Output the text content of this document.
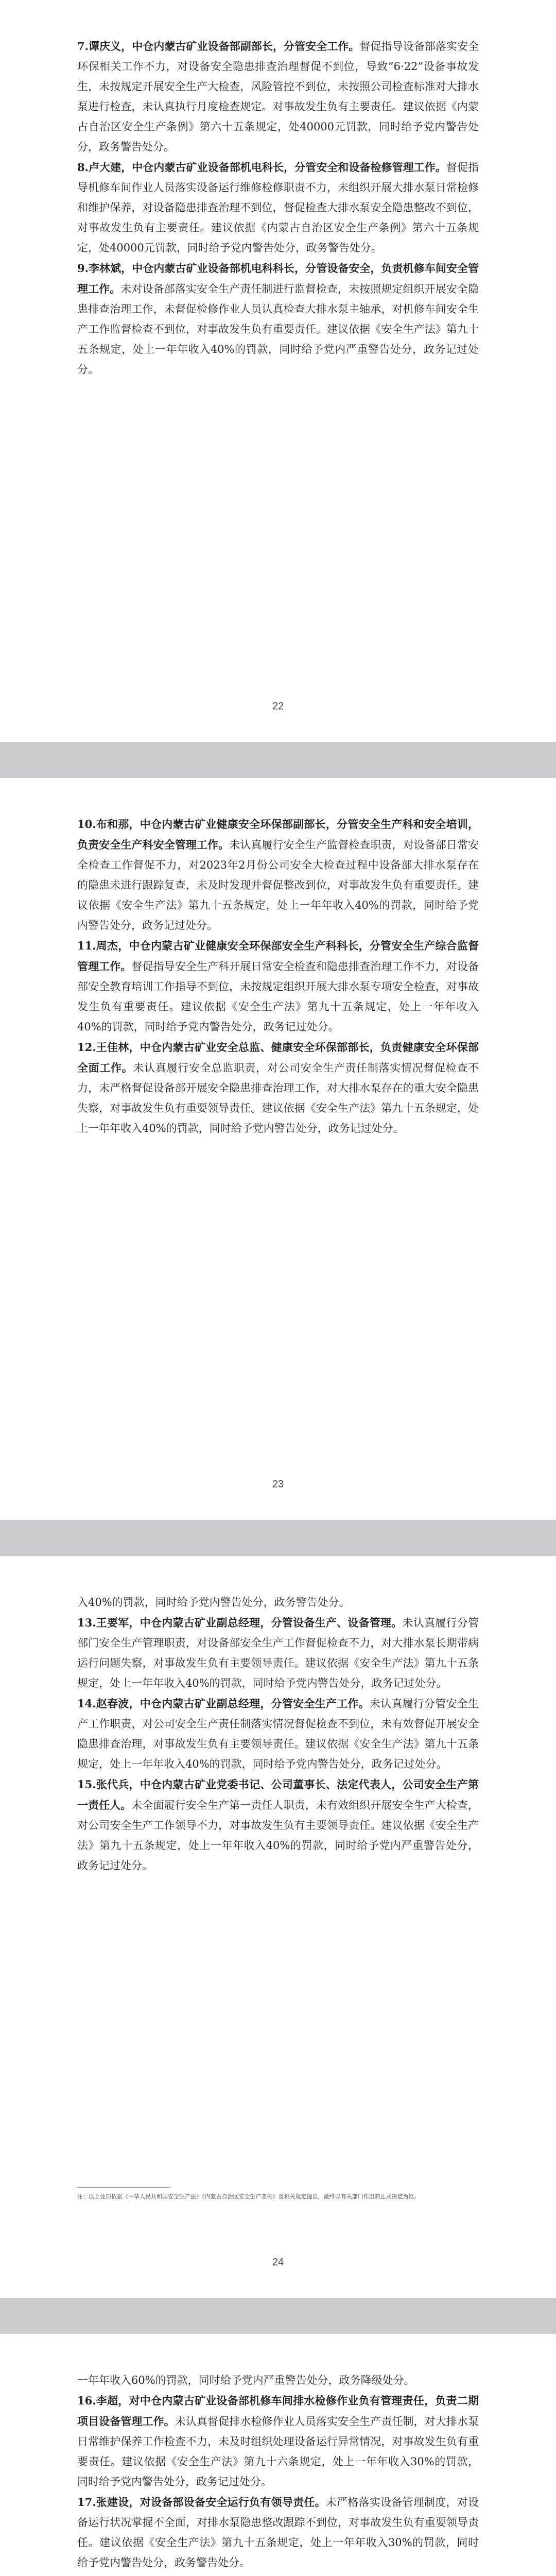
7.谭庆义，中仓内蒙古矿业设备部副部长，分管安全工作。督促指导设备部落实安全环保相关工作不力，对设备安全隐患排查治理督促不到位，导致“6·22”设备事故发生，未按规定开展安全生产大检查，风险管控不到位，未按照公司检查标准对大排水泵进行检查，未认真执行月度检查规定。对事故发生负有主要责任。建议依据《内蒙古自治区安全生产条例》第六十五条规定，处40000元罚款，同时给予党内警告处分，政务警告处分。

8.卢大建，中仓内蒙古矿业设备部机电科长，分管安全和设备检修管理工作。督促指导机修车间作业人员落实设备运行维修检修职责不力，未组织开展大排水泵日常检修和维护保养，对设备隐患排查治理不到位，督促检查大排水泵安全隐患整改不到位，对事故发生负有主要责任。建议依据《内蒙古自治区安全生产条例》第六十五条规定，处40000元罚款，同时给予党内警告处分，政务警告处分。

9.李林斌，中仓内蒙古矿业设备部机电科科长，分管设备安全，负责机修车间安全管理工作。未对设备部落实安全生产责任制进行监督检查，未按照规定组织开展安全隐患排查治理工作，未督促检修作业人员认真检查大排水泵主轴承，对机修车间安全生产工作监督检查不到位，对事故发生负有重要责任。建议依据《安全生产法》第九十五条规定，处上一年年收入40%的罚款，同时给予党内严重警告处分，政务记过处分。

22

10.布和那，中仓内蒙古矿业健康安全环保部副部长，分管安全生产科和安全培训，负责安全生产科安全管理工作。未认真履行安全生产监督检查职责，对设备部日常安全检查工作督促不力，对2023年2月份公司安全大检查过程中设备部大排水泵存在的隐患未进行跟踪复查，未及时发现并督促整改到位，对事故发生负有重要责任。建议依据《安全生产法》第九十五条规定，处上一年年收入40%的罚款，同时给予党内警告处分，政务记过处分。

11.周杰，中仓内蒙古矿业健康安全环保部安全生产科科长，分管安全生产综合监督管理工作。督促指导安全生产科开展日常安全检查和隐患排查治理工作不力，对设备部安全教育培训工作指导不到位，未按规定组织开展大排水泵专项安全检查，对事故发生负有重要责任。建议依据《安全生产法》第九十五条规定，处上一年年收入40%的罚款，同时给予党内警告处分，政务记过处分。

12.王佳林，中仓内蒙古矿业安全总监、健康安全环保部部长，负责健康安全环保部全面工作。未认真履行安全总监职责，对公司安全生产责任制落实情况督促检查不力，未严格督促设备部开展安全隐患排查治理工作，对大排水泵存在的重大安全隐患失察，对事故发生负有重要领导责任。建议依据《安全生产法》第九十五条规定，处上一年年收入40%的罚款，同时给予党内警告处分，政务记过处分。

23

入40%的罚款，同时给予党内警告处分，政务警告处分。

13.王要军，中仓内蒙古矿业副总经理，分管设备生产、设备管理。未认真履行分管部门安全生产管理职责，对设备部安全生产工作督促检查不力，对大排水泵长期带病运行问题失察，对事故发生负有主要领导责任。建议依据《安全生产法》第九十五条规定，处上一年年收入40%的罚款，同时给予党内警告处分，政务记过处分。

14.赵春波，中仓内蒙古矿业副总经理，分管安全生产工作。未认真履行分管安全生产工作职责，对公司安全生产责任制落实情况督促检查不到位，未有效督促开展安全隐患排查治理，对事故发生负有主要领导责任。建议依据《安全生产法》第九十五条规定，处上一年年收入40%的罚款，同时给予党内警告处分，政务记过处分。

15.张代兵，中仓内蒙古矿业党委书记、公司董事长、法定代表人，公司安全生产第一责任人。未全面履行安全生产第一责任人职责，未有效组织开展安全生产大检查，对公司安全生产工作领导不力，对事故发生负有主要领导责任。建议依据《安全生产法》第九十五条规定，处上一年年收入40%的罚款，同时给予党内严重警告处分，政务记过处分。

注：以上处罚依据《中华人民共和国安全生产法》《内蒙古自治区安全生产条例》及相关规定提出，最终以有关部门作出的正式决定为准。
24

一年年收入60%的罚款，同时给予党内严重警告处分，政务降级处分。

16.李超，对中仓内蒙古矿业设备部机修车间排水检修作业负有管理责任，负责二期项目设备管理工作。未认真督促排水检修作业人员落实安全生产责任制，对大排水泵日常维护保养工作检查不力，未及时组织处理设备运行异常情况，对事故发生负有重要责任。建议依据《安全生产法》第九十六条规定，处上一年年收入30%的罚款，同时给予党内警告处分，政务记过处分。

17.张建设，对设备部设备安全运行负有领导责任。未严格落实设备管理制度，对设备运行状况掌握不全面，对排水泵隐患整改跟踪不到位，对事故发生负有重要领导责任。建议依据《安全生产法》第九十五条规定，处上一年年收入30%的罚款，同时给予党内警告处分，政务警告处分。
